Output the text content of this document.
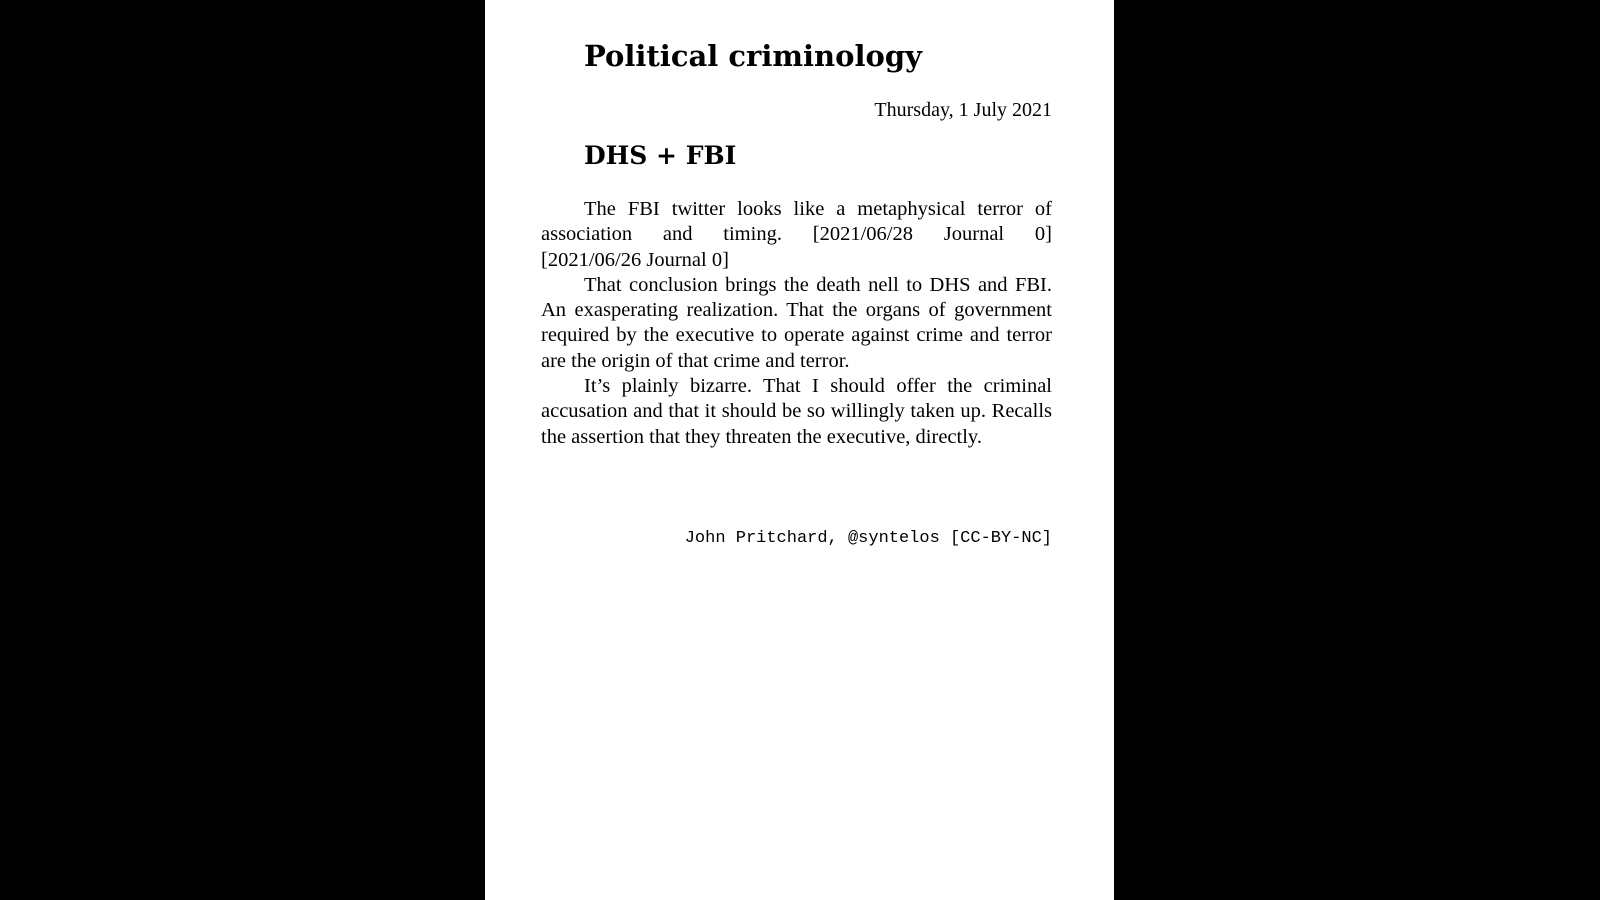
Political criminology
Thursday, 1 July 2021
DHS + FBI

The FBI twitter looks like a metaphysical terror of association and timing. [2021/06/28 Journal 0] [2021/06/26 Journal 0]

That conclusion brings the death nell to DHS and FBI. An exasperating realization. That the organs of government required by the executive to operate against crime and terror are the origin of that crime and terror.

It’s plainly bizarre. That I should offer the criminal accusation and that it should be so willingly taken up. Recalls the assertion that they threaten the executive, directly.

John Pritchard, @syntelos [CC-BY-NC]
